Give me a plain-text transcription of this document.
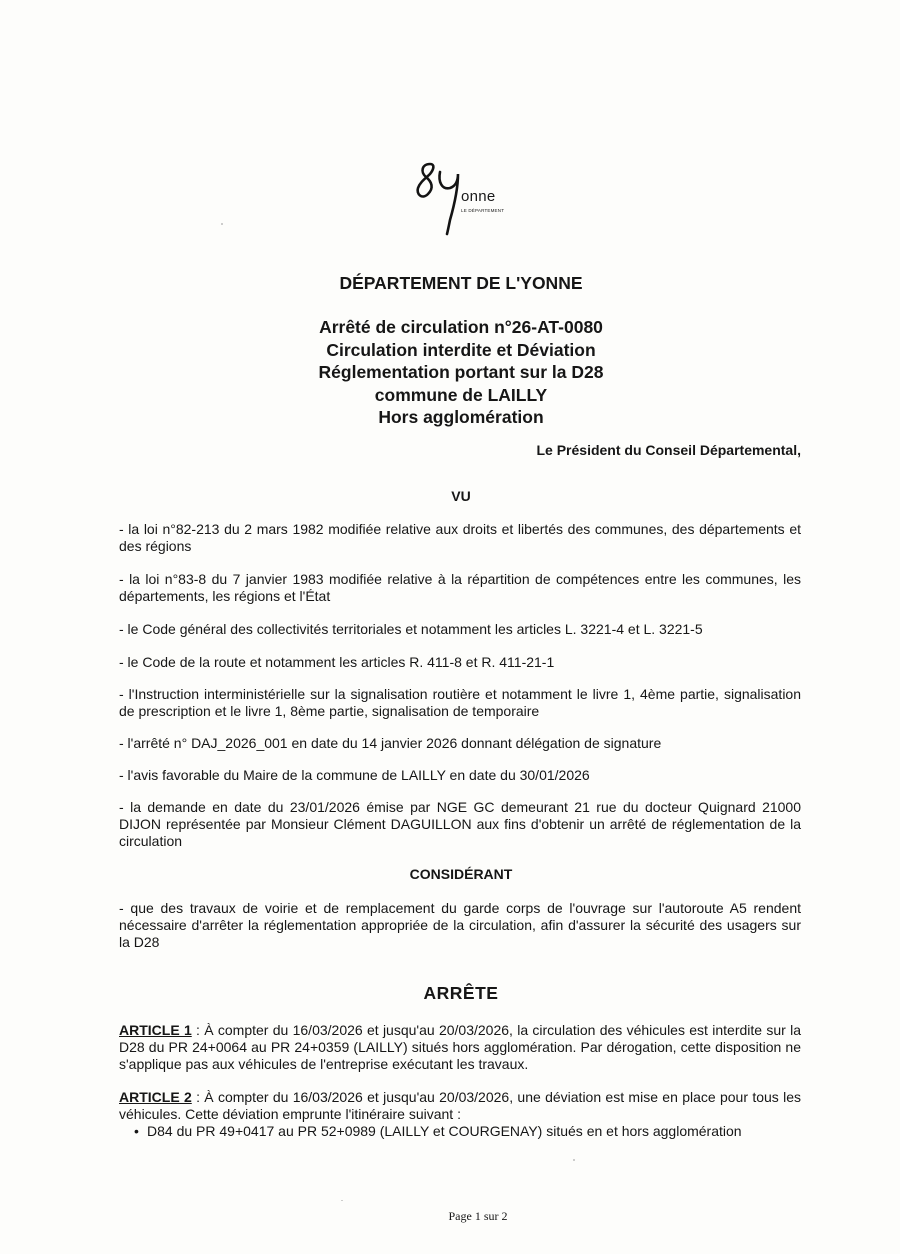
onne
LE DÉPARTEMENT
DÉPARTEMENT DE L'YONNE
Arrêté de circulation n°26-AT-0080
Circulation interdite et Déviation
Réglementation portant sur la D28
commune de LAILLY
Hors agglomération
Le Président du Conseil Départemental,
VU

- la loi n°82-213 du 2 mars 1982 modifiée relative aux droits et libertés des communes, des départements et des régions

- la loi n°83-8 du 7 janvier 1983 modifiée relative à la répartition de compétences entre les communes, les départements, les régions et l'État

- le Code général des collectivités territoriales et notamment les articles L. 3221-4 et L. 3221-5

- le Code de la route et notamment les articles R. 411-8 et R. 411-21-1

- l'Instruction interministérielle sur la signalisation routière et notamment le livre 1, 4ème partie, signalisation de prescription et le livre 1, 8ème partie, signalisation de temporaire

- l'arrêté n° DAJ_2026_001 en date du 14 janvier 2026 donnant délégation de signature

- l'avis favorable du Maire de la commune de LAILLY en date du 30/01/2026

- la demande en date du 23/01/2026 émise par NGE GC demeurant 21 rue du docteur Quignard 21000 DIJON représentée par Monsieur Clément DAGUILLON aux fins d'obtenir un arrêté de réglementation de la circulation

CONSIDÉRANT

- que des travaux de voirie et de remplacement du garde corps de l'ouvrage sur l'autoroute A5 rendent nécessaire d'arrêter la réglementation appropriée de la circulation, afin d'assurer la sécurité des usagers sur la D28

ARRÊTE

ARTICLE 1 : À compter du 16/03/2026 et jusqu'au 20/03/2026, la circulation des véhicules est interdite sur la D28 du PR 24+0064 au PR 24+0359 (LAILLY) situés hors agglomération. Par dérogation, cette disposition ne s'applique pas aux véhicules de l'entreprise exécutant les travaux.

ARTICLE 2 : À compter du 16/03/2026 et jusqu'au 20/03/2026, une déviation est mise en place pour tous les véhicules. Cette déviation emprunte l'itinéraire suivant :

• D84 du PR 49+0417 au PR 52+0989 (LAILLY et COURGENAY) situés en et hors agglomération
Page 1 sur 2
